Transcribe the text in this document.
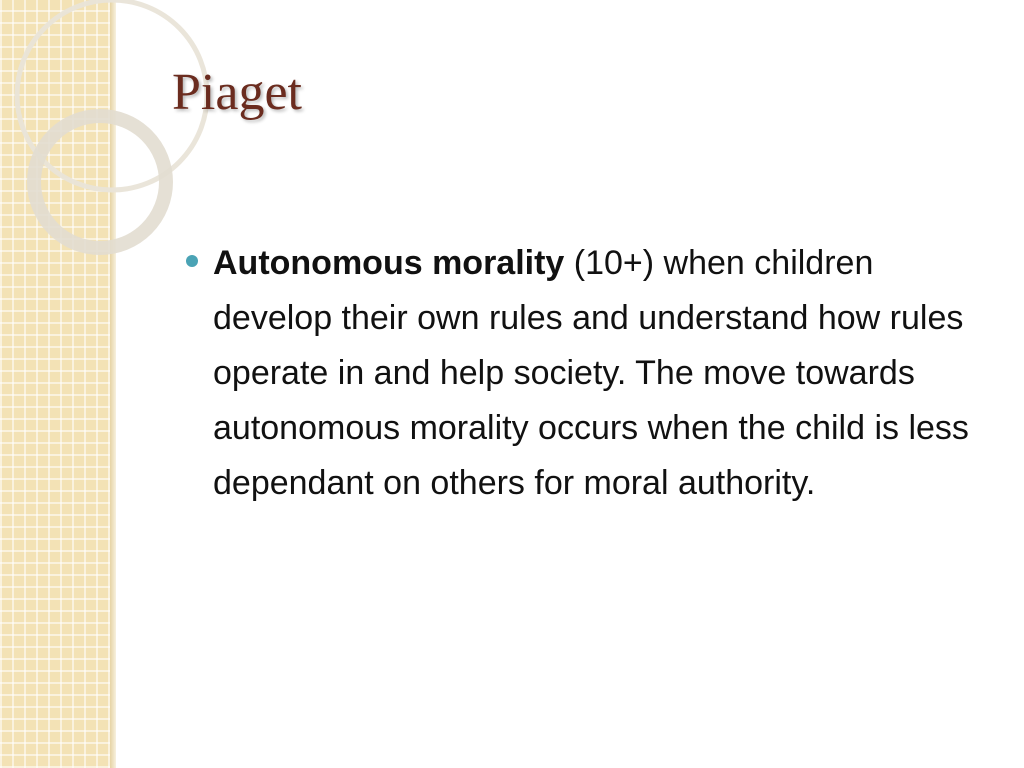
Piaget
Autonomous morality (10+) when children develop their own rules and understand how rules operate in and help society. The move towards autonomous morality occurs when the child is less dependant on others for moral authority.
